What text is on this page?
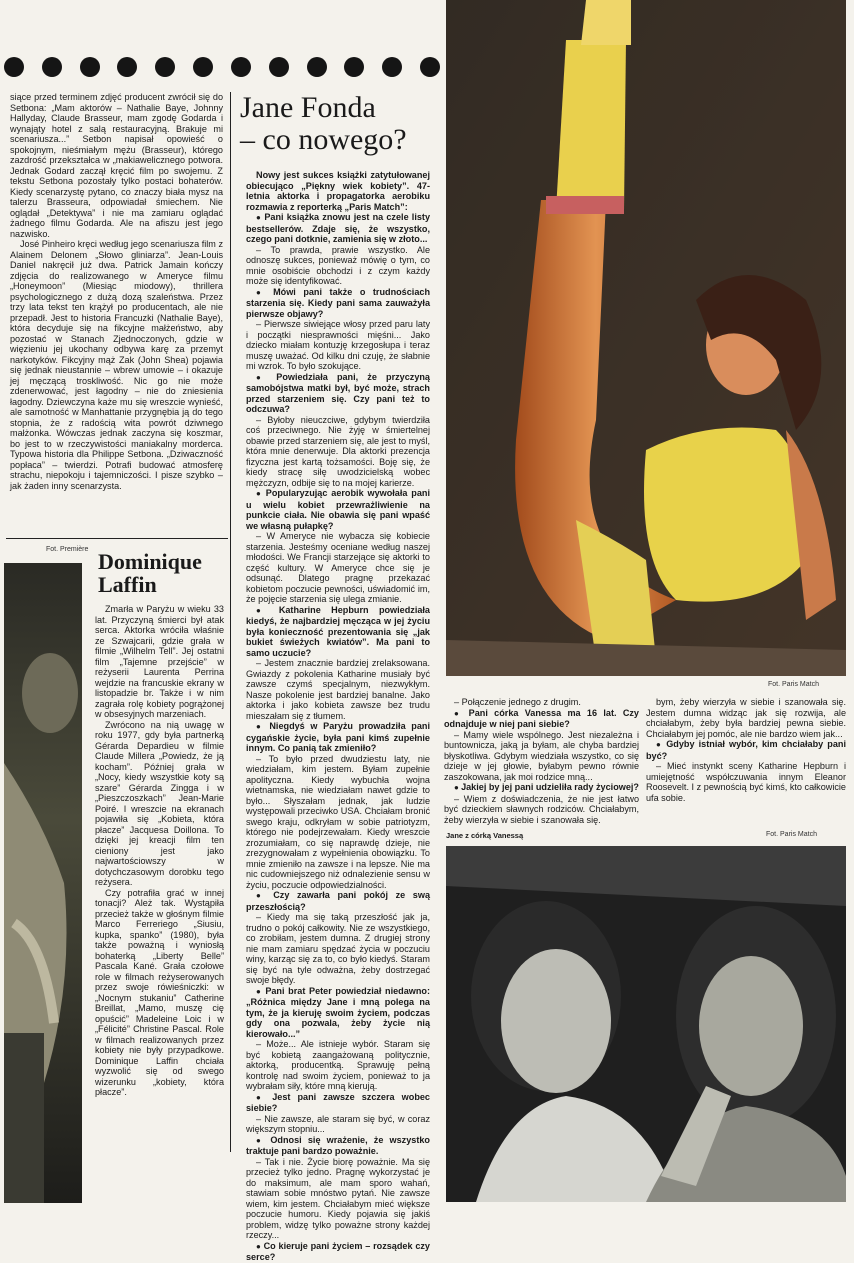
siące przed terminem zdjęć producent zwrócił się do Setbona: „Mam aktorów – Nathalie Baye, Johnny Hallyday, Claude Brasseur, mam zgodę Godarda i wynająty hotel z salą restauracyjną. Brakuje mi scenariusza...” Setbon napisał opowieść o spokojnym, nieśmiałym mężu (Brasseur), któregо zazdrość przekształca w „makiawelicznego potwora. Jednak Godard zaczął kręcić film po swojemu. Z tekstu Setbona pozostały tylko postaci bohaterów. Kiedy scenarzystę pytano, co znaczy biała mysz na talerzu Brasseura, odpowiadał śmiechem. Nie oglądał „Detektywa” i nie ma zamiaru oglądać żadnego filmu Godarda. Ale na afiszu jest jego nazwisko.

José Pinheiro kręci według jego scenariusza film z Alainem Delonem „Słowo gliniarza”. Jean-Louis Daniel nakręcił już dwa. Patrick Jamain kończy zdjęcia do realizowanego w Ameryce filmu „Honeymoon” (Miesiąc miodowy), thrillera psychologicznego z dużą dozą szaleństwa. Przez trzy lata tekst ten krążył po producentach, ale nie przepadł. Jest to historia Francuzki (Nathalie Baye), która decyduje się na fikcyjne małżeństwo, aby pozostać w Stanach Zjednoczonych, gdzie w więzieniu jej ukochany odbywa karę za przemyt narkotyków. Fikcyjny mąż Zak (John Shea) pojawia się jednak nieustannie – wbrew umowie – i okazuje jej męczącą troskliwość. Nic go nie może zdenerwować, jest łagodny – nie do zniesienia łagodny. Dziewczyna każe mu się wreszcie wynieść, ale samotność w Manhattanie przygnębia ją do tego stopnia, że z radością wita powrót dziwnego małżonka. Wówczas jednak zaczyna się koszmar, bo jest to w rzeczywistości maniakalny morderca. Typowa historia dla Philippe Setbona. „Dziwaczność popłaca” – twierdzi. Potrafi budować atmosferę strachu, niepokoju i tajemniczości. I pisze szybko – jak żaden inny scenarzysta.

Fot. Première Dominique
Laffin

Zmarła w Paryżu w wieku 33 lat. Przyczyną śmierci był atak serca. Aktorka wróciła właśnie ze Szwajcarii, gdzie grała w filmie „Wilhelm Tell”. Jej ostatni film „Tajemne przejście” w reżyserii Laurenta Perrina wejdzie na francuskie ekrany w listopadzie br. Także i w nim zagrała rolę kobiety pogrążonej w obsesyjnych marzeniach.

Zwrócono na nią uwagę w roku 1977, gdy była partnerką Gérarda Depardieu w filmie Claude Millera „Powiedz, że ją kocham”. Później grała w „Nocy, kiedy wszystkie koty są szare” Gérarda Zingga i w „Pieszczoszkach” Jean-Marie Poiré. I wreszcie na ekranach pojawiła się „Kobieta, która płacze” Jacquesa Doillona. To dzięki jej kreacji film ten cieniony jest jako najwartościowszy w dotychczasowym dorobku tego reżysera.

Czy potrafiła grać w innej tonacji? Ależ tak. Wystąpiła przecież także w głośnym filmie Marco Ferreriego „Siusiu, kupka, spanko” (1980), była także poważną i wyniosłą bohaterką „Liberty Belle” Pascala Kané. Grała czołowe role w filmach reżyserowanych przez swoje rówieśniczki: w „Nocnym stukaniu” Catherine Breillat, „Mamo, muszę cię opuścić” Madeleine Loic i w „Félicité” Christine Pascal. Role w filmach realizowanych przez kobiety nie były przypadkowe. Dominique Laffin chciała wyzwolić się od swego wizerunku „kobiety, która płacze”.

Jane Fonda
– co nowego?

Nowy jest sukces książki zatytułowanej obiecująco „Piękny wiek kobiety”. 47-letnia aktorka i propagatorka aerobiku rozmawia z reporterką „Paris Match”:

● Pani książka znowu jest na czele listy bestsellerów. Zdaje się, że wszystko, czego pani dotknie, zamienia się w złoto...

– To prawda, prawie wszystko. Ale odnoszę sukces, ponieważ mówię o tym, co mnie osobiście obchodzi i z czym każdy może się identyfikować.

● Mówi pani także o trudnościach starzenia się. Kiedy pani sama zauważyła pierwsze objawy?

– Pierwsze siwiejące włosy przed paru laty i początki niesprawności mięśni... Jako dziecko miałam kontuzję krzegosłupa i teraz muszę uważać. Od kilku dni czuję, że słabnie mi wzrok. To było szokujące.

● Powiedziała pani, że przyczyną samobójstwa matki był, być może, strach przed starzeniem się. Czy pani też to odczuwa?

– Byłoby nieuczciwe, gdybym twierdziła coś przeciwnego. Nie żyję w śmiertelnej obawie przed starzeniem się, ale jest to myśl, która mnie denerwuje. Dla aktorki prezencja fizyczna jest kartą tożsamości. Boję się, że kiedy stracę siłę uwodzicielską wobec mężczyzn, odbije się to na mojej karierze.

● Popularyzując aerobik wywołała pani u wielu kobiet przewrażliwienie na punkcie ciała. Nie obawia się pani wpaść we własną pułapkę?

– W Ameryce nie wybacza się kobiecie starzenia. Jesteśmy oceniane według naszej młodości. We Francji starzejące się aktorki to część kultury. W Ameryce chce się je odsunąć. Dlatego pragnę przekazać kobietom poczucie pewności, uświadomić im, że pojęcie starzenia się ulega zmianie.

● Katharine Hepburn powiedziała kiedyś, że najbardziej męcząca w jej życiu była konieczność prezentowania się „jak bukiet świeżych kwiatów”. Ma pani to samo uczucie?

– Jestem znacznie bardziej zrelaksowana. Gwiazdy z pokolenia Katharine musiały być zawsze czymś specjalnym, niezwykłym. Nasze pokolenie jest bardziej banalne. Jako aktorka i jako kobieta zawsze bez trudu mieszałam się z tłumem.

● Niegdyś w Paryżu prowadziła pani cygańskie życie, była pani kimś zupełnie innym. Co panią tak zmieniło?

– To było przed dwudziestu laty, nie wiedziałam, kim jestem. Byłam zupełnie apolityczna. Kiedy wybuchła wojna wietnamska, nie wiedziałam nawet gdzie to było... Słyszałam jednak, jak ludzie występowali przeciwko USA. Chciałam bronić swego kraju, odkryłam w sobie patriotyzm, którego nie podejrzewałam. Kiedy wreszcie zrozumiałam, co się naprawdę dzieje, nie zrezygnowałam z wypełnienia obowiązku. To mnie zmieniło na zawsze i na lepsze. Nie ma nic cudowniejszego niż odnalezienie sensu w życiu, poczucie odpowiedzialności.

● Czy zawarła pani pokój ze swą przeszłością?

– Kiedy ma się taką przeszłość jak ja, trudno o pokój całkowity. Nie ze wszystkiego, co zrobiłam, jestem dumna. Z drugiej strony nie mam zamiaru spędzać życia w poczuciu winy, karząc się za to, co było kiedyś. Staram się być na tyle odważna, żeby dostrzegać swoje błędy.

● Pani brat Peter powiedział niedawno: „Różnica między Jane i mną polega na tym, że ja kieruję swoim życiem, podczas gdy ona pozwala, żeby życie nią kierowało...”

– Może... Ale istnieje wybór. Staram się być kobietą zaangażowaną politycznie, aktorką, producentką. Sprawuję pełną kontrolę nad swoim życiem, ponieważ to ja wybrałam siły, które mną kierują.

● Jest pani zawsze szczera wobec siebie?

– Nie zawsze, ale staram się być, w coraz większym stopniu...

● Odnosi się wrażenie, że wszystko traktuje pani bardzo poważnie.

– Tak i nie. Życie biorę poważnie. Ma się przecież tylko jedno. Pragnę wykorzystać je do maksimum, ale mam sporo wahań, stawiam sobie mnóstwo pytań. Nie zawsze wiem, kim jestem. Chciałabym mieć większe poczucie humoru. Kiedy pojawia się jakiś problem, widzę tylko poważne strony każdej rzeczy...

● Co kieruje pani życiem – rozsądek czy serce?

Fot. Paris Match

– Połączenie jednego z drugim.

● Pani córka Vanessa ma 16 lat. Czy odnajduje w niej pani siebie?

– Mamy wiele wspólnego. Jest niezależna i buntownicza, jaką ja byłam, ale chyba bardziej błyskotliwa. Gdybym wiedziała wszystko, co się dzieje w jej głowie, byłabym pewno równie zaszokowana, jak moi rodzice mną...

● Jakiej by jej pani udzieliła rady życiowej?

– Wiem z doświadczenia, że nie jest łatwo być dzieckiem sławnych rodziców. Chciałabym, żeby wierzyła w siebie i szanowała się.

bym, żeby wierzyła w siebie i szanowała się. Jestem dumna widząc jak się rozwija, ale chciałabym, żeby była bardziej pewna siebie. Chciałabym jej pomóc, ale nie bardzo wiem jak...

● Gdyby istniał wybór, kim chciałaby pani być?

– Mieć instynkt sceny Katharine Hepburn i umiejętność współczuwania innym Eleanor Roosevelt. I z pewnością być kimś, kto całkowicie ufa sobie.

Jane z córką Vanessą	Fot. Paris Match
